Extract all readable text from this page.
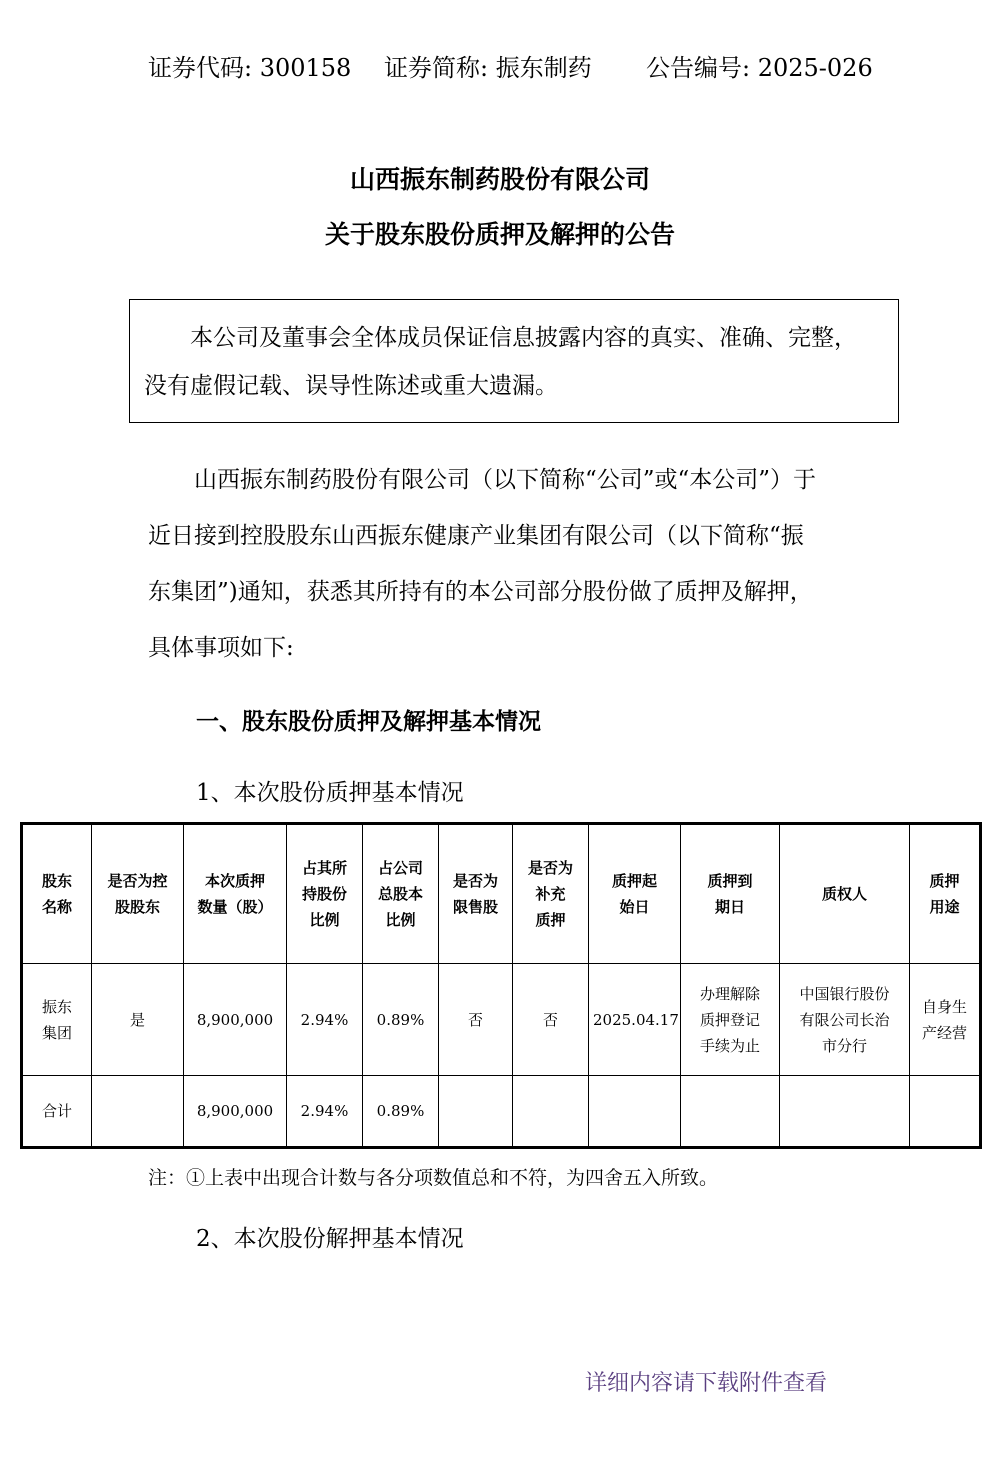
证券代码: 300158 证券简称: 振东制药 公告编号: 2025-026
山西振东制药股份有限公司
关于股东股份质押及解押的公告

本公司及董事会全体成员保证信息披露内容的真实、准确、完整，

没有虚假记载、误导性陈述或重大遗漏。

山西振东制药股份有限公司（以下简称“公司”或“本公司”）于

近日接到控股股东山西振东健康产业集团有限公司（以下简称“振

东集团”)通知，获悉其所持有的本公司部分股份做了质押及解押，

具体事项如下:

一、股东股份质押及解押基本情况
1、本次股份质押基本情况
股东
名称	是否为控
股股东	本次质押
数量（股）	占其所
持股份
比例	占公司
总股本
比例	是否为
限售股	是否为
补充
质押	质押起
始日	质押到
期日	质权人	质押
用途
振东
集团	是	8,900,000	2.94%	0.89%	否	否	2025.04.17	办理解除
质押登记
手续为止	中国银行股份
有限公司长治
市分行	自身生
产经营
合计		8,900,000	2.94%	0.89%						
注：①上表中出现合计数与各分项数值总和不符，为四舍五入所致。
2、本次股份解押基本情况
详细内容请下载附件查看
